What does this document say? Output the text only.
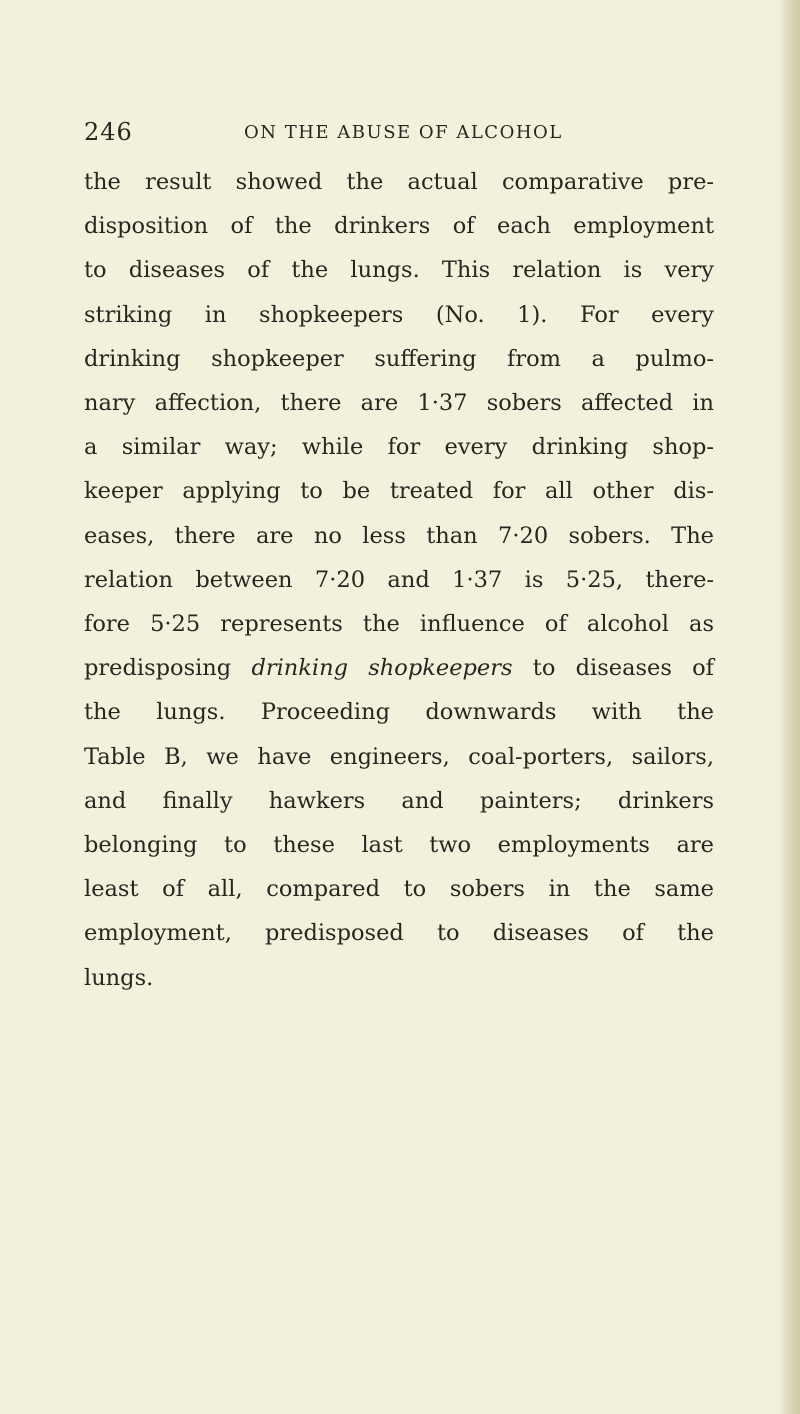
246	ON THE ABUSE OF ALCOHOL
the result showed the actual comparative pre-
disposition of the drinkers of each employment
to diseases of the lungs. This relation is very
striking in shopkeepers (No. 1). For every
drinking shopkeeper suffering from a pulmo-
nary affection, there are 1·37 sobers affected in
a similar way; while for every drinking shop-
keeper applying to be treated for all other dis-
eases, there are no less than 7·20 sobers. The
relation between 7·20 and 1·37 is 5·25, there-
fore 5·25 represents the influence of alcohol as
predisposing drinking shopkeepers to diseases of
the lungs. Proceeding downwards with the
Table B, we have engineers, coal-porters, sailors,
and finally hawkers and painters; drinkers
belonging to these last two employments are
least of all, compared to sobers in the same
employment, predisposed to diseases of the
lungs.
